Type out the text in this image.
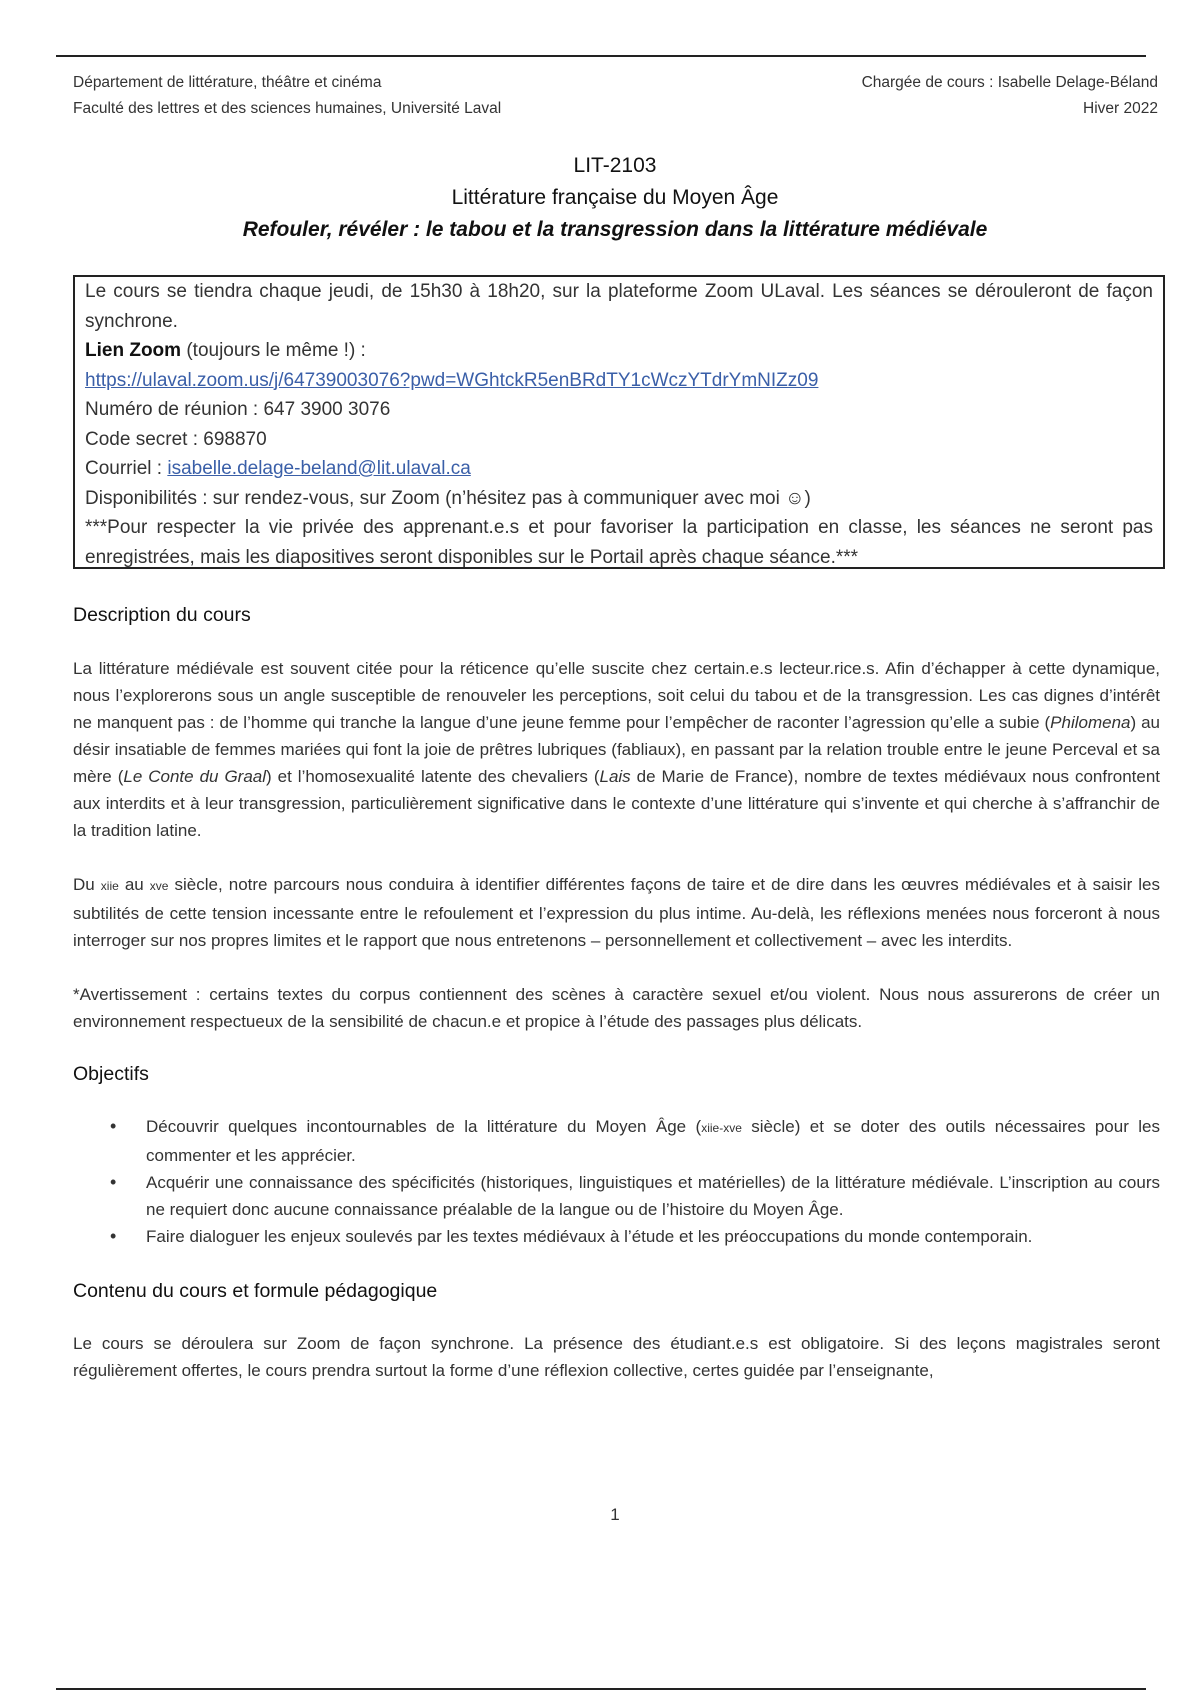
Département de littérature, théâtre et cinéma
Faculté des lettres et des sciences humaines, Université Laval
Chargée de cours : Isabelle Delage-Béland
Hiver 2022
LIT-2103
Littérature française du Moyen Âge
Refouler, révéler : le tabou et la transgression dans la littérature médiévale

Le cours se tiendra chaque jeudi, de 15h30 à 18h20, sur la plateforme Zoom ULaval. Les séances se dérouleront de façon synchrone.

Lien Zoom (toujours le même !) :

https://ulaval.zoom.us/j/64739003076?pwd=WGhtckR5enBRdTY1cWczYTdrYmNIZz09

Numéro de réunion : 647 3900 3076

Code secret : 698870

Courriel : isabelle.delage-beland@lit.ulaval.ca

Disponibilités : sur rendez-vous, sur Zoom (n’hésitez pas à communiquer avec moi ☺)

***Pour respecter la vie privée des apprenant.e.s et pour favoriser la participation en classe, les séances ne seront pas enregistrées, mais les diapositives seront disponibles sur le Portail après chaque séance.***

Description du cours

La littérature médiévale est souvent citée pour la réticence qu’elle suscite chez certain.e.s lecteur.rice.s. Afin d’échapper à cette dynamique, nous l’explorerons sous un angle susceptible de renouveler les perceptions, soit celui du tabou et de la transgression. Les cas dignes d’intérêt ne manquent pas : de l’homme qui tranche la langue d’une jeune femme pour l’empêcher de raconter l’agression qu’elle a subie (Philomena) au désir insatiable de femmes mariées qui font la joie de prêtres lubriques (fabliaux), en passant par la relation trouble entre le jeune Perceval et sa mère (Le Conte du Graal) et l’homosexualité latente des chevaliers (Lais de Marie de France), nombre de textes médiévaux nous confrontent aux interdits et à leur transgression, particulièrement significative dans le contexte d’une littérature qui s’invente et qui cherche à s’affranchir de la tradition latine.

Du xiie au xve siècle, notre parcours nous conduira à identifier différentes façons de taire et de dire dans les œuvres médiévales et à saisir les subtilités de cette tension incessante entre le refoulement et l’expression du plus intime. Au-delà, les réflexions menées nous forceront à nous interroger sur nos propres limites et le rapport que nous entretenons – personnellement et collectivement – avec les interdits.

*Avertissement : certains textes du corpus contiennent des scènes à caractère sexuel et/ou violent. Nous nous assurerons de créer un environnement respectueux de la sensibilité de chacun.e et propice à l’étude des passages plus délicats.

Objectifs
• Découvrir quelques incontournables de la littérature du Moyen Âge (xiie-xve siècle) et se doter des outils nécessaires pour les commenter et les apprécier.
• Acquérir une connaissance des spécificités (historiques, linguistiques et matérielles) de la littérature médiévale. L’inscription au cours ne requiert donc aucune connaissance préalable de la langue ou de l’histoire du Moyen Âge.
• Faire dialoguer les enjeux soulevés par les textes médiévaux à l’étude et les préoccupations du monde contemporain.
Contenu du cours et formule pédagogique

Le cours se déroulera sur Zoom de façon synchrone. La présence des étudiant.e.s est obligatoire. Si des leçons magistrales seront régulièrement offertes, le cours prendra surtout la forme d’une réflexion collective, certes guidée par l’enseignante,

1
